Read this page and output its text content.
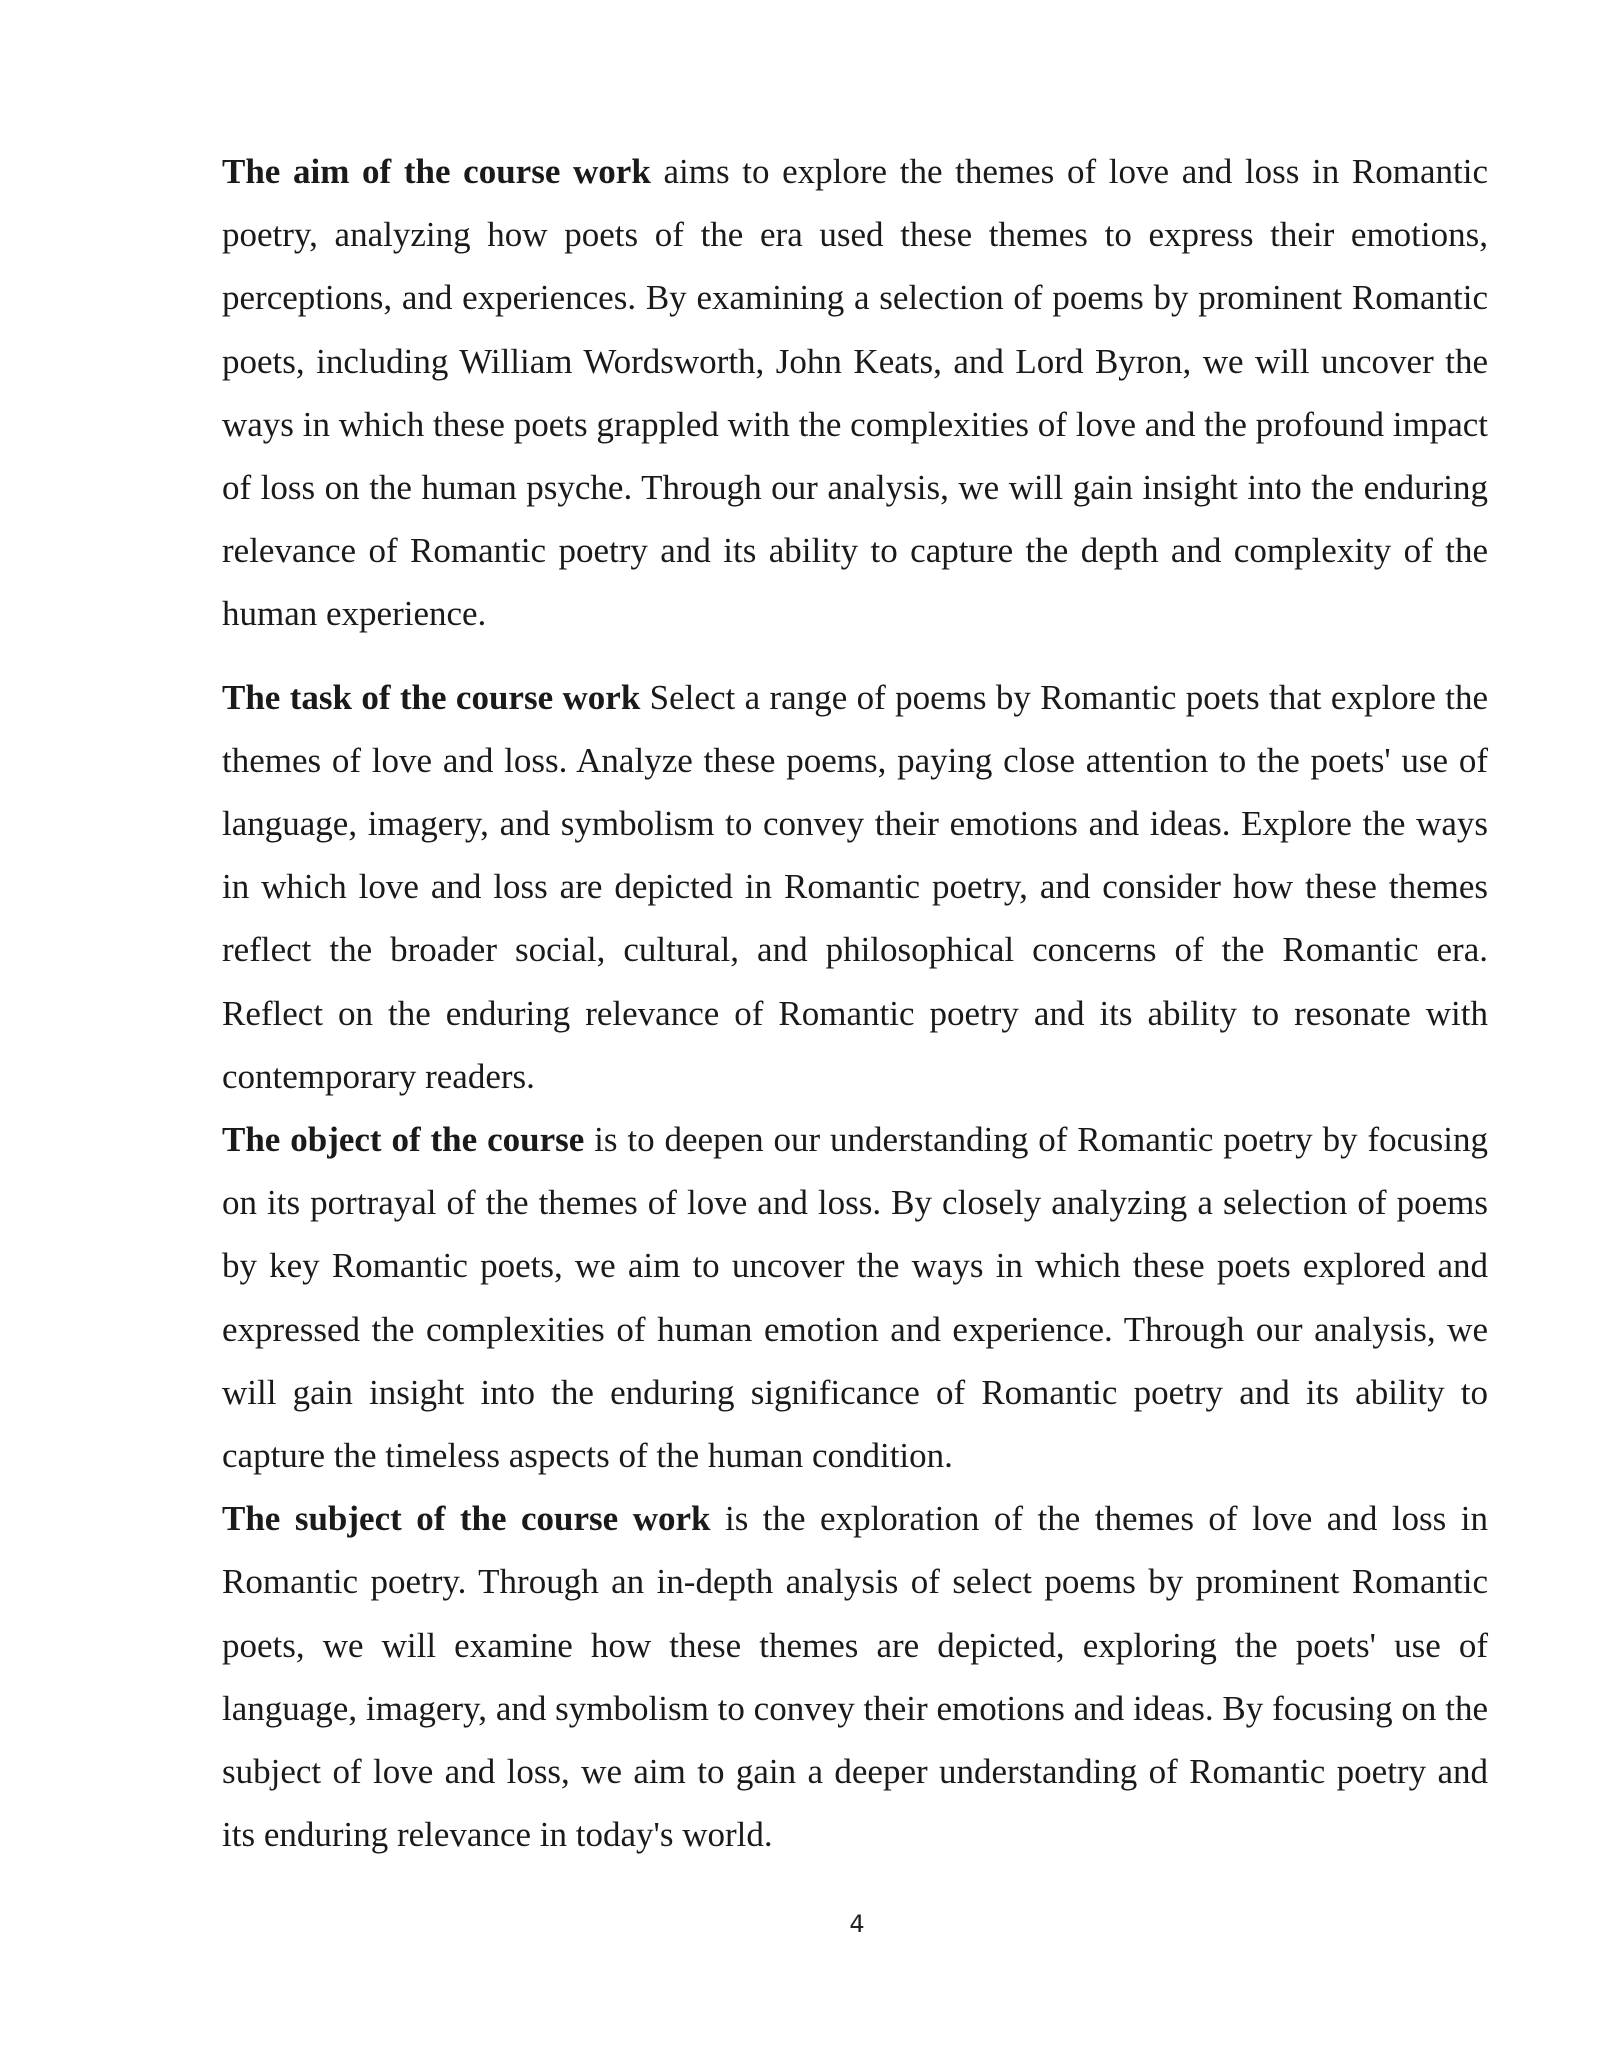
The aim of the course work aims to explore the themes of love and loss in Romantic poetry, analyzing how poets of the era used these themes to express their emotions, perceptions, and experiences. By examining a selection of poems by prominent Romantic poets, including William Wordsworth, John Keats, and Lord Byron, we will uncover the ways in which these poets grappled with the complexities of love and the profound impact of loss on the human psyche. Through our analysis, we will gain insight into the enduring relevance of Romantic poetry and its ability to capture the depth and complexity of the human experience.

The task of the course work Select a range of poems by Romantic poets that explore the themes of love and loss. Analyze these poems, paying close attention to the poets' use of language, imagery, and symbolism to convey their emotions and ideas. Explore the ways in which love and loss are depicted in Romantic poetry, and consider how these themes reflect the broader social, cultural, and philosophical concerns of the Romantic era. Reflect on the enduring relevance of Romantic poetry and its ability to resonate with contemporary readers.

The object of the course is to deepen our understanding of Romantic poetry by focusing on its portrayal of the themes of love and loss. By closely analyzing a selection of poems by key Romantic poets, we aim to uncover the ways in which these poets explored and expressed the complexities of human emotion and experience. Through our analysis, we will gain insight into the enduring significance of Romantic poetry and its ability to capture the timeless aspects of the human condition.

The subject of the course work is the exploration of the themes of love and loss in Romantic poetry. Through an in-depth analysis of select poems by prominent Romantic poets, we will examine how these themes are depicted, exploring the poets' use of language, imagery, and symbolism to convey their emotions and ideas. By focusing on the subject of love and loss, we aim to gain a deeper understanding of Romantic poetry and its enduring relevance in today's world.

4
